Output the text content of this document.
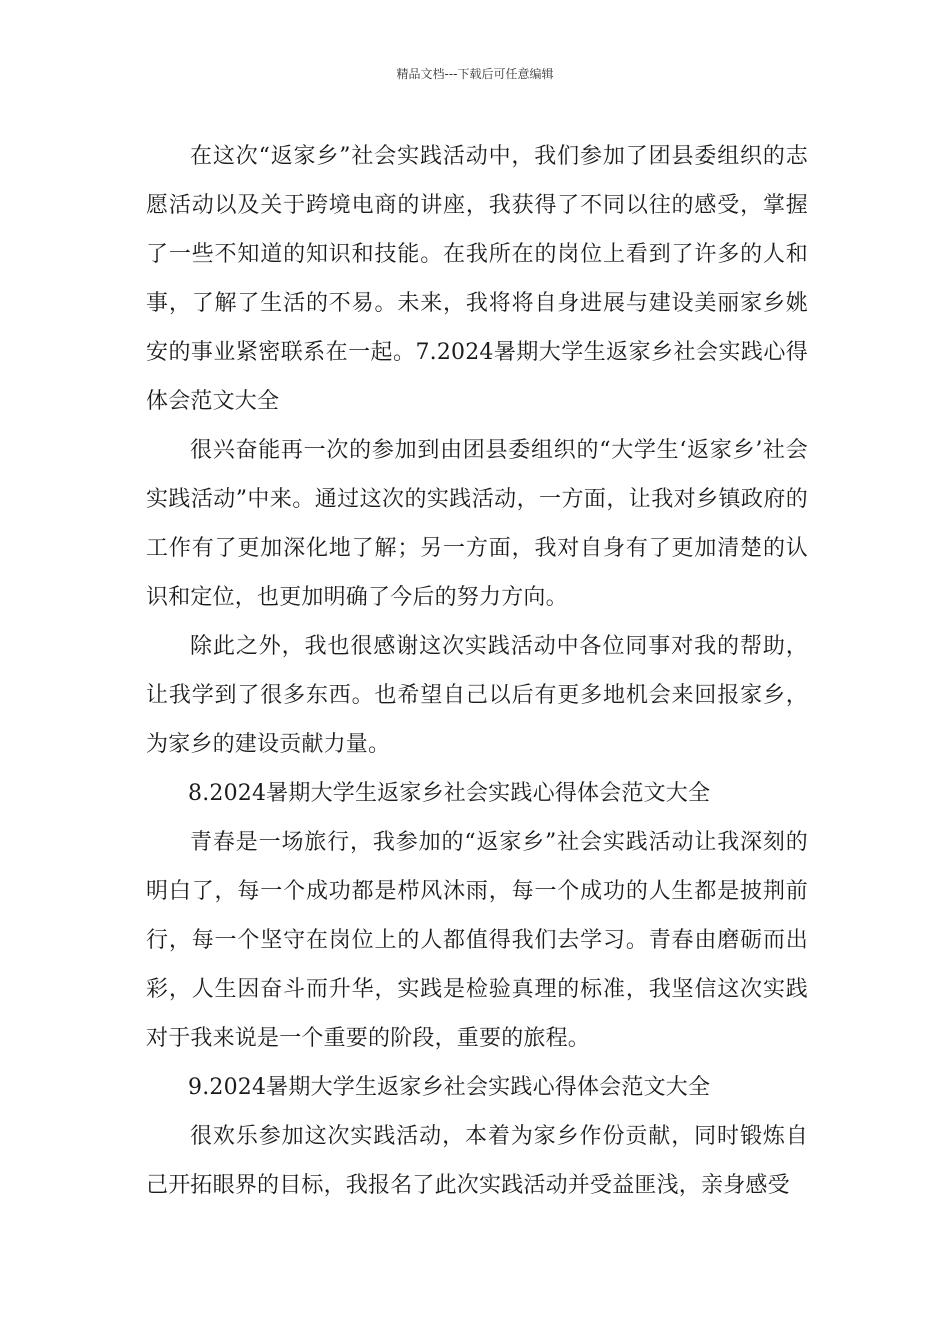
精品文档---下载后可任意编辑

在这次“返家乡”社会实践活动中，我们参加了团县委组织的志愿活动以及关于跨境电商的讲座，我获得了不同以往的感受，掌握了一些不知道的知识和技能。在我所在的岗位上看到了许多的人和事，了解了生活的不易。未来，我将将自身进展与建设美丽家乡姚安的事业紧密联系在一起。7.2024暑期大学生返家乡社会实践心得体会范文大全

很兴奋能再一次的参加到由团县委组织的“大学生‘返家乡’社会实践活动”中来。通过这次的实践活动，一方面，让我对乡镇政府的工作有了更加深化地了解；另一方面，我对自身有了更加清楚的认识和定位，也更加明确了今后的努力方向。

除此之外，我也很感谢这次实践活动中各位同事对我的帮助，让我学到了很多东西。也希望自己以后有更多地机会来回报家乡，为家乡的建设贡献力量。

8.2024暑期大学生返家乡社会实践心得体会范文大全

青春是一场旅行，我参加的“返家乡”社会实践活动让我深刻的明白了，每一个成功都是栉风沐雨，每一个成功的人生都是披荆前行，每一个坚守在岗位上的人都值得我们去学习。青春由磨砺而出彩，人生因奋斗而升华，实践是检验真理的标准，我坚信这次实践对于我来说是一个重要的阶段，重要的旅程。

9.2024暑期大学生返家乡社会实践心得体会范文大全

很欢乐参加这次实践活动，本着为家乡作份贡献，同时锻炼自己开拓眼界的目标，我报名了此次实践活动并受益匪浅，亲身感受
